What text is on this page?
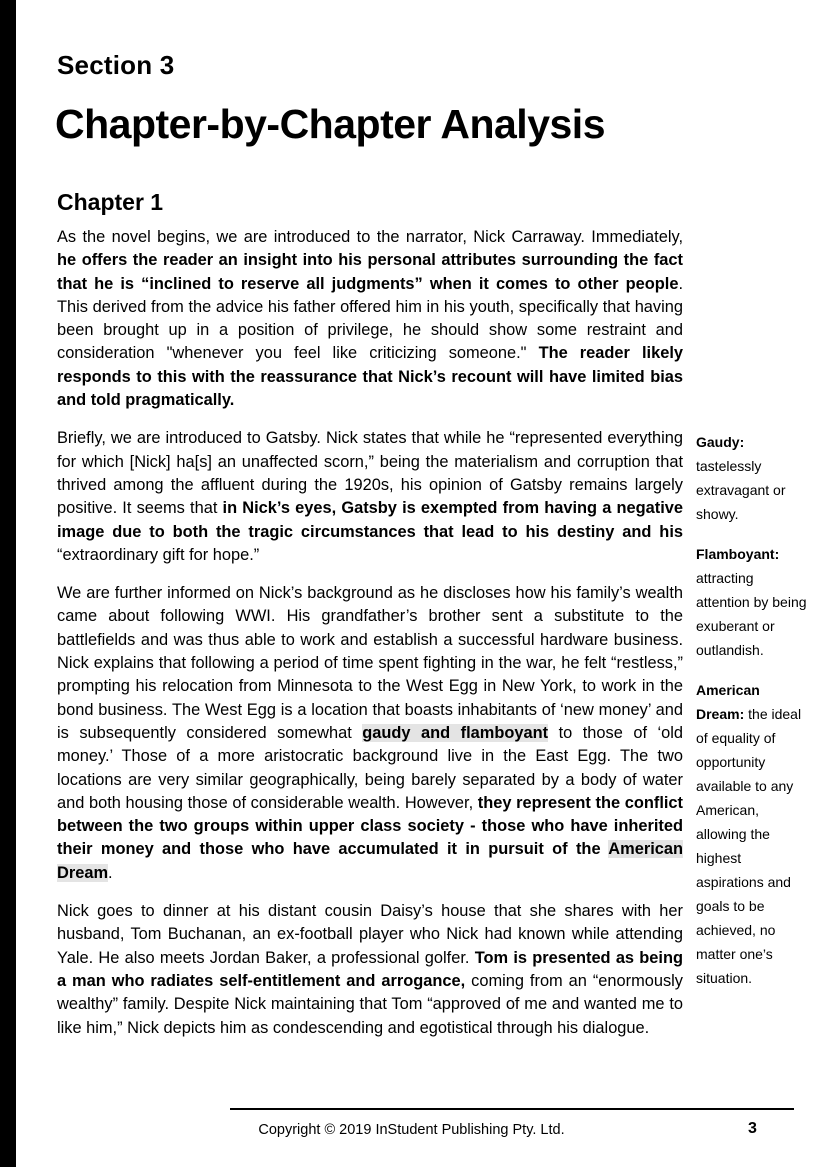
Section 3
Chapter-by-Chapter Analysis
Chapter 1

As the novel begins, we are introduced to the narrator, Nick Carraway. Immediately, he offers the reader an insight into his personal attributes surrounding the fact that he is “inclined to reserve all judgments” when it comes to other people. This derived from the advice his father offered him in his youth, specifically that having been brought up in a position of privilege, he should show some restraint and consideration "whenever you feel like criticizing someone." The reader likely responds to this with the reassurance that Nick’s recount will have limited bias and told pragmatically.

Briefly, we are introduced to Gatsby. Nick states that while he “represented everything for which [Nick] ha[s] an unaffected scorn,” being the materialism and corruption that thrived among the affluent during the 1920s, his opinion of Gatsby remains largely positive. It seems that in Nick’s eyes, Gatsby is exempted from having a negative image due to both the tragic circumstances that lead to his destiny and his “extraordinary gift for hope.”

We are further informed on Nick’s background as he discloses how his family’s wealth came about following WWI. His grandfather’s brother sent a substitute to the battlefields and was thus able to work and establish a successful hardware business. Nick explains that following a period of time spent fighting in the war, he felt “restless,” prompting his relocation from Minnesota to the West Egg in New York, to work in the bond business. The West Egg is a location that boasts inhabitants of ‘new money’ and is subsequently considered somewhat gaudy and flamboyant to those of ‘old money.’ Those of a more aristocratic background live in the East Egg. The two locations are very similar geographically, being barely separated by a body of water and both housing those of considerable wealth. However, they represent the conflict between the two groups within upper class society - those who have inherited their money and those who have accumulated it in pursuit of the American Dream.

Nick goes to dinner at his distant cousin Daisy’s house that she shares with her husband, Tom Buchanan, an ex-football player who Nick had known while attending Yale. He also meets Jordan Baker, a professional golfer. Tom is presented as being a man who radiates self-entitlement and arrogance, coming from an “enormously wealthy” family. Despite Nick maintaining that Tom “approved of me and wanted me to like him,” Nick depicts him as condescending and egotistical through his dialogue.

Gaudy: tastelessly extravagant or showy.

Flamboyant: attracting attention by being exuberant or outlandish.

American Dream: the ideal of equality of opportunity available to any American, allowing the highest aspirations and goals to be achieved, no matter one’s situation.

Copyright © 2019 InStudent Publishing Pty. Ltd.	3
